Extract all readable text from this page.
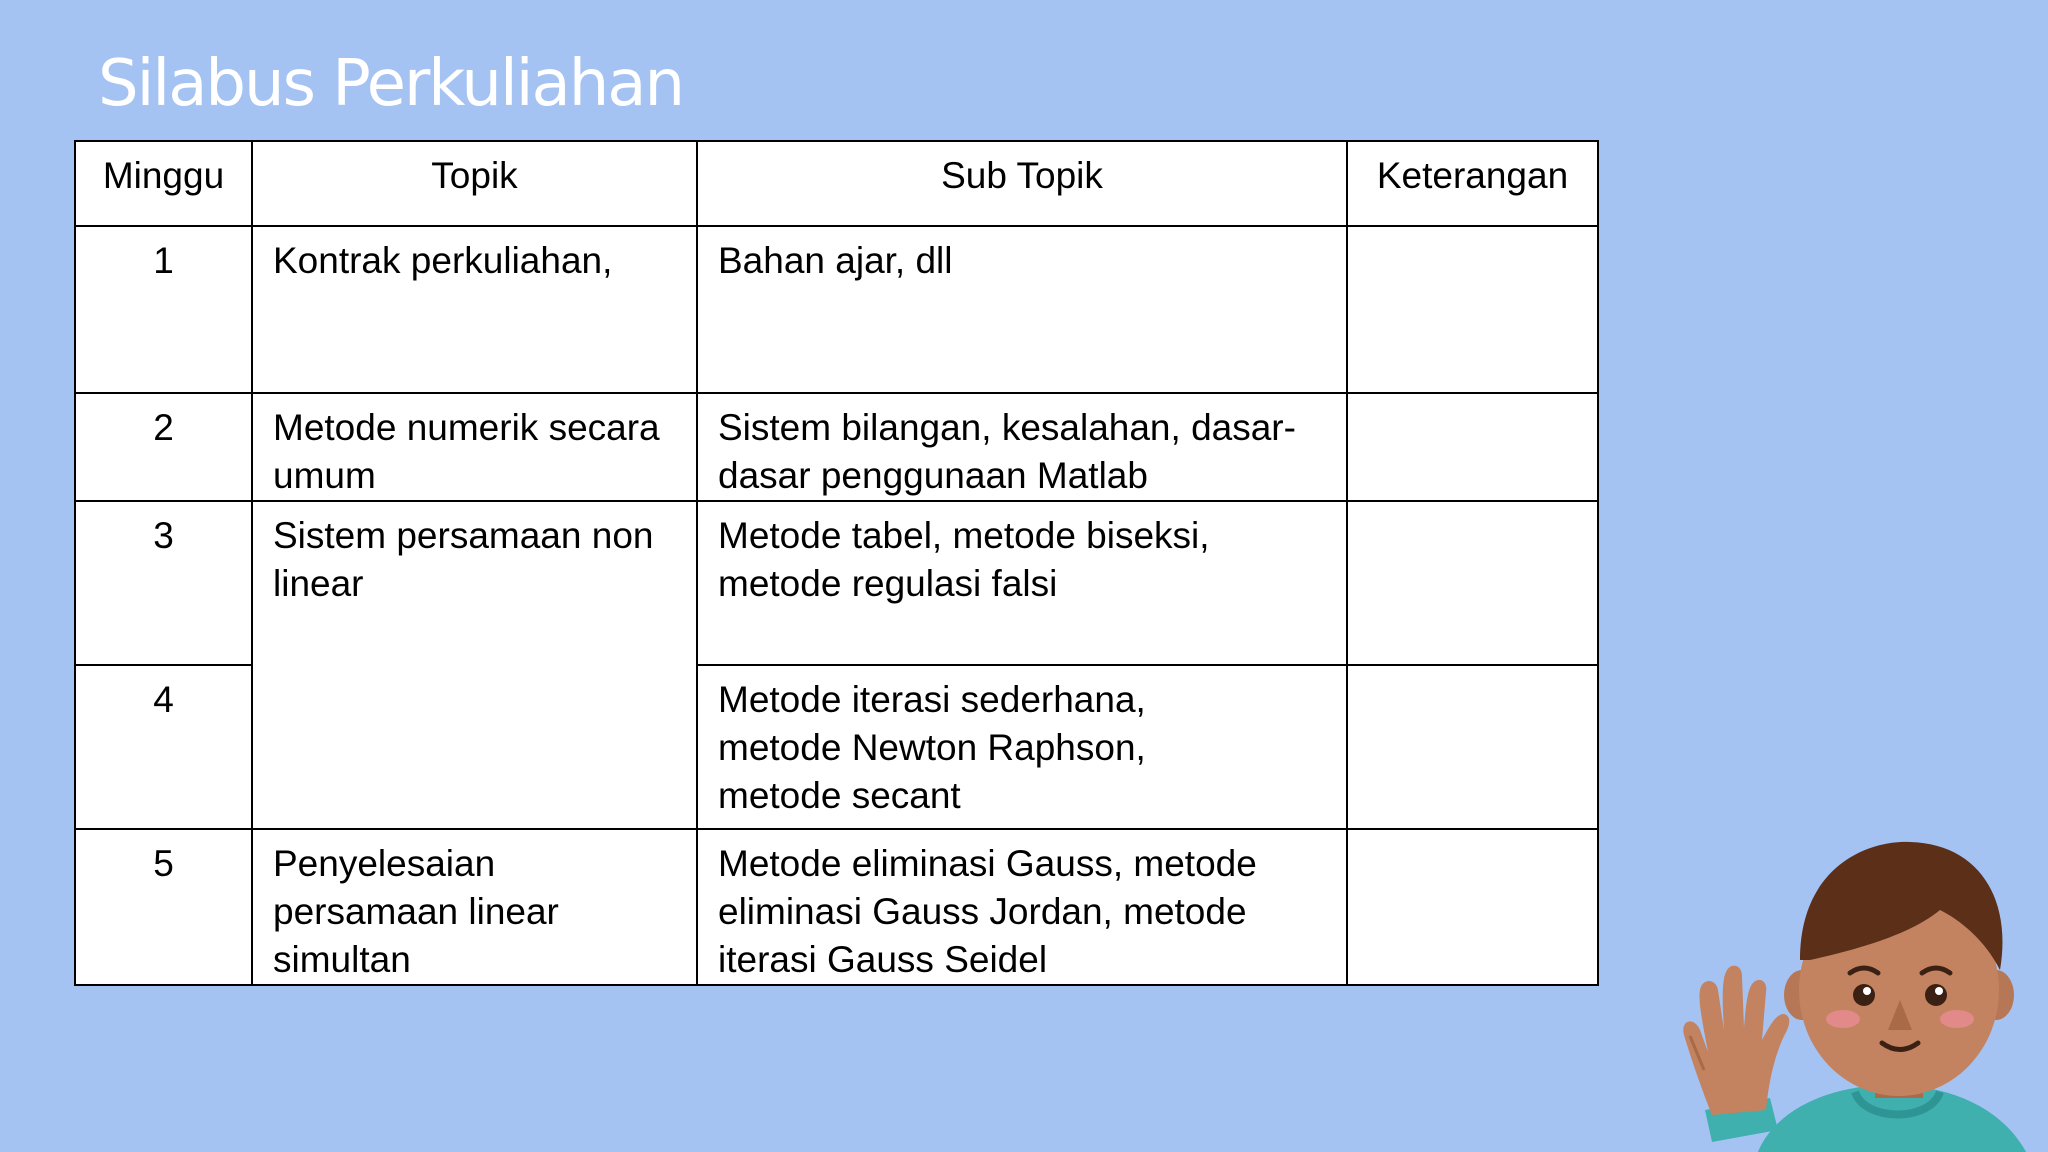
Silabus Perkuliahan
Minggu	Topik	Sub Topik	Keterangan
1	Kontrak perkuliahan,	Bahan ajar, dll	
2	Metode numerik secara umum	Sistem bilangan, kesalahan, dasar-dasar penggunaan Matlab	
3	Sistem persamaan non linear	Metode tabel, metode biseksi, metode regulasi falsi	
4		Metode iterasi sederhana, metode Newton Raphson, metode secant	
5	Penyelesaian persamaan linear simultan	Metode eliminasi Gauss, metode eliminasi Gauss Jordan, metode iterasi Gauss Seidel	
